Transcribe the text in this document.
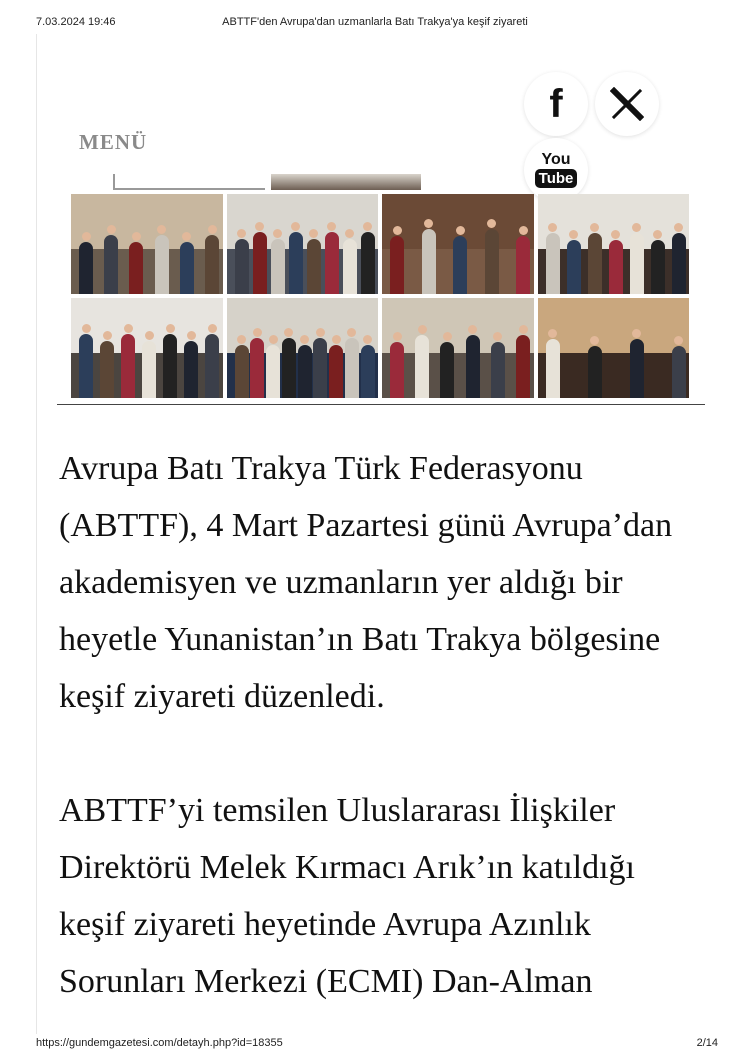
7.03.2024 19:46	ABTTF'den Avrupa'dan uzmanlarla Batı Trakya'ya keşif ziyareti
MENÜ
f
You
Tube

Avrupa Batı Trakya Türk Federasyonu (ABTTF), 4 Mart Pazartesi günü Avrupa’dan akademisyen ve uzmanların yer aldığı bir heyetle Yunanistan’ın Batı Trakya bölgesine keşif ziyareti düzenledi.

ABTTF’yi temsilen Uluslararası İlişkiler Direktörü Melek Kırmacı Arık’ın katıldığı keşif ziyareti heyetinde Avrupa Azınlık Sorunları Merkezi (ECMI) Dan-Alman

https://gundemgazetesi.com/detayh.php?id=18355	2/14
